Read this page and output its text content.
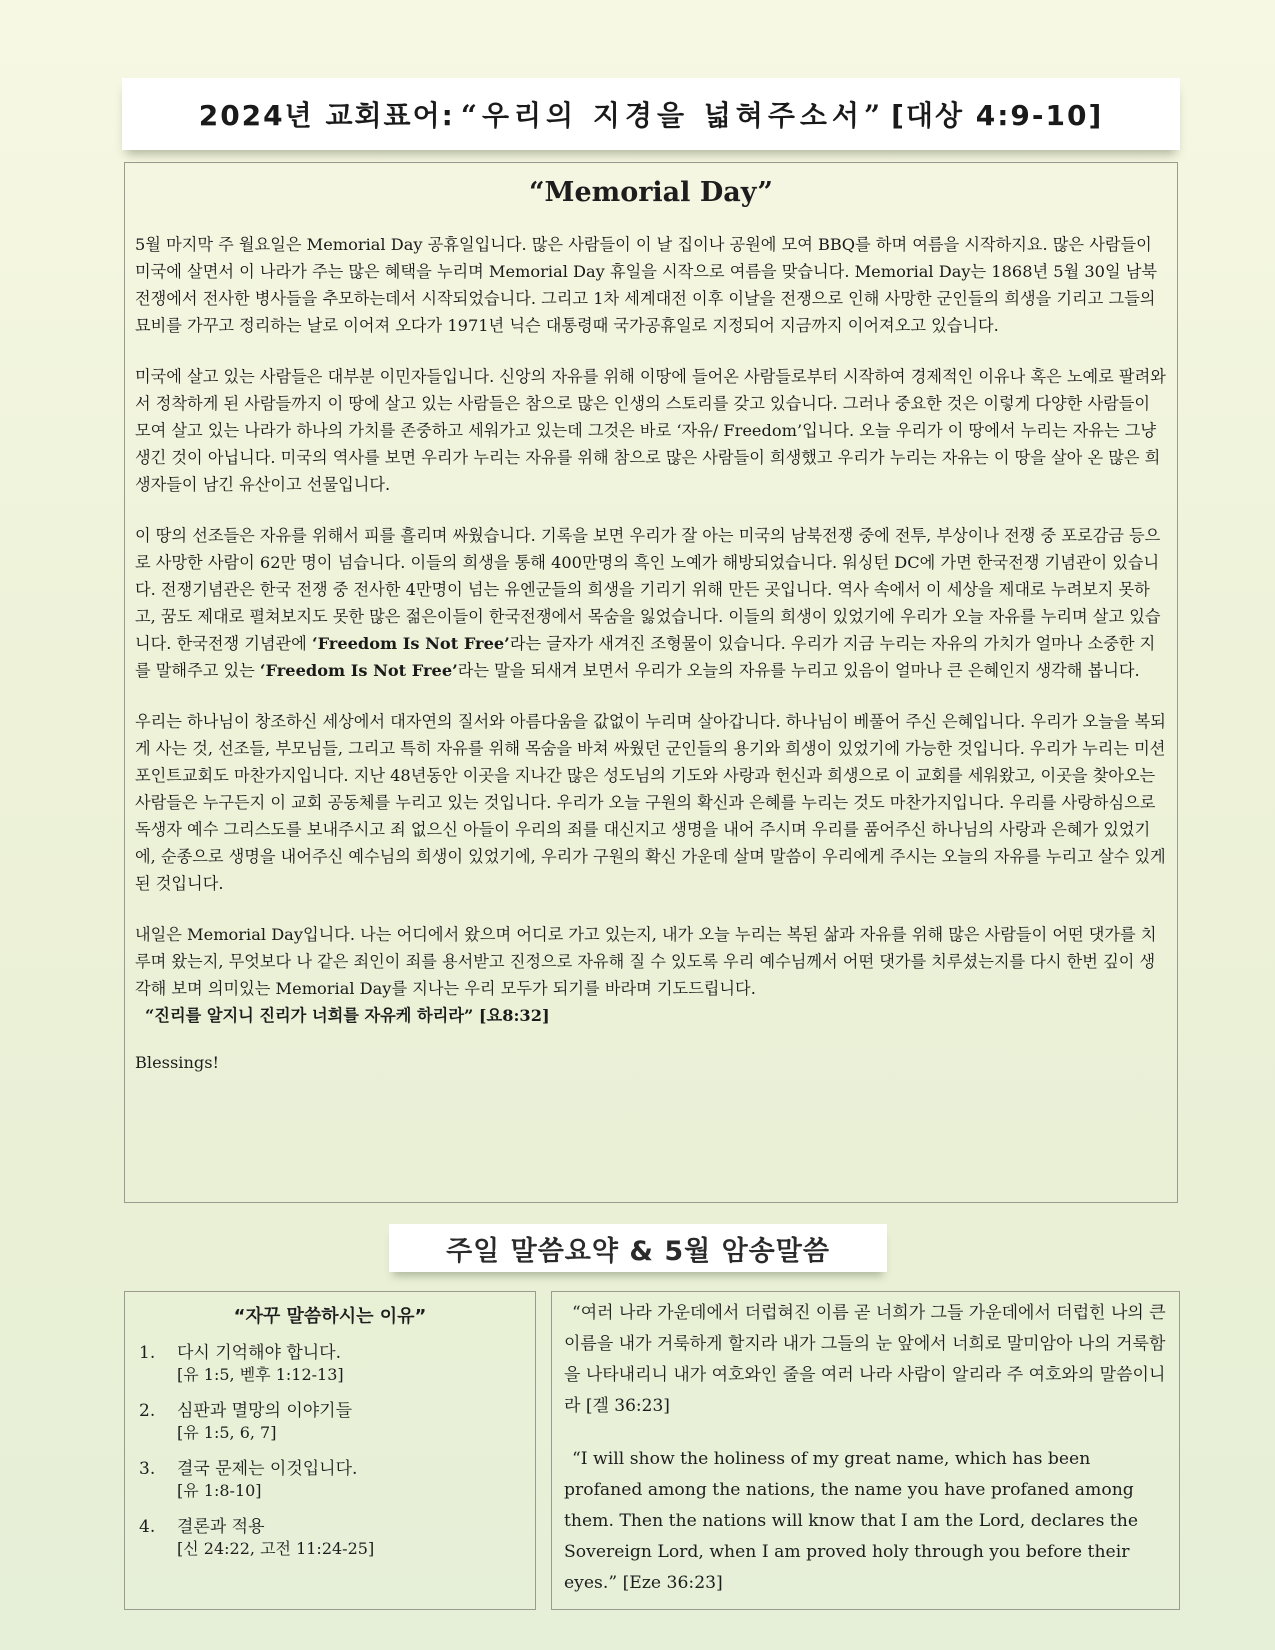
2024년 교회표어: “우리의 지경을 넓혀주소서” [대상 4:9-10]
“Memorial Day”

5월 마지막 주 월요일은 Memorial Day 공휴일입니다. 많은 사람들이 이 날 집이나 공원에 모여 BBQ를 하며 여름을 시작하지요. 많은 사람들이 미국에 살면서 이 나라가 주는 많은 혜택을 누리며 Memorial Day 휴일을 시작으로 여름을 맞습니다. Memorial Day는 1868년 5월 30일 남북전쟁에서 전사한 병사들을 추모하는데서 시작되었습니다. 그리고 1차 세계대전 이후 이날을 전쟁으로 인해 사망한 군인들의 희생을 기리고 그들의 묘비를 가꾸고 정리하는 날로 이어져 오다가 1971년 닉슨 대통령때 국가공휴일로 지정되어 지금까지 이어져오고 있습니다.

미국에 살고 있는 사람들은 대부분 이민자들입니다. 신앙의 자유를 위해 이땅에 들어온 사람들로부터 시작하여 경제적인 이유나 혹은 노예로 팔려와서 정착하게 된 사람들까지 이 땅에 살고 있는 사람들은 참으로 많은 인생의 스토리를 갖고 있습니다. 그러나 중요한 것은 이렇게 다양한 사람들이 모여 살고 있는 나라가 하나의 가치를 존중하고 세워가고 있는데 그것은 바로 ‘자유/ Freedom’입니다. 오늘 우리가 이 땅에서 누리는 자유는 그냥 생긴 것이 아닙니다. 미국의 역사를 보면 우리가 누리는 자유를 위해 참으로 많은 사람들이 희생했고 우리가 누리는 자유는 이 땅을 살아 온 많은 희생자들이 남긴 유산이고 선물입니다.

이 땅의 선조들은 자유를 위해서 피를 흘리며 싸웠습니다. 기록을 보면 우리가 잘 아는 미국의 남북전쟁 중에 전투, 부상이나 전쟁 중 포로감금 등으로 사망한 사람이 62만 명이 넘습니다. 이들의 희생을 통해 400만명의 흑인 노예가 해방되었습니다. 워싱턴 DC에 가면 한국전쟁 기념관이 있습니다. 전쟁기념관은 한국 전쟁 중 전사한 4만명이 넘는 유엔군들의 희생을 기리기 위해 만든 곳입니다. 역사 속에서 이 세상을 제대로 누려보지 못하고, 꿈도 제대로 펼쳐보지도 못한 많은 젊은이들이 한국전쟁에서 목숨을 잃었습니다. 이들의 희생이 있었기에 우리가 오늘 자유를 누리며 살고 있습니다. 한국전쟁 기념관에 ‘Freedom Is Not Free’라는 글자가 새겨진 조형물이 있습니다. 우리가 지금 누리는 자유의 가치가 얼마나 소중한 지를 말해주고 있는 ‘Freedom Is Not Free’라는 말을 되새겨 보면서 우리가 오늘의 자유를 누리고 있음이 얼마나 큰 은혜인지 생각해 봅니다.

우리는 하나님이 창조하신 세상에서 대자연의 질서와 아름다움을 값없이 누리며 살아갑니다. 하나님이 베풀어 주신 은혜입니다. 우리가 오늘을 복되게 사는 것, 선조들, 부모님들, 그리고 특히 자유를 위해 목숨을 바쳐 싸웠던 군인들의 용기와 희생이 있었기에 가능한 것입니다. 우리가 누리는 미션포인트교회도 마찬가지입니다. 지난 48년동안 이곳을 지나간 많은 성도님의 기도와 사랑과 헌신과 희생으로 이 교회를 세워왔고, 이곳을 찾아오는 사람들은 누구든지 이 교회 공동체를 누리고 있는 것입니다. 우리가 오늘 구원의 확신과 은혜를 누리는 것도 마찬가지입니다. 우리를 사랑하심으로 독생자 예수 그리스도를 보내주시고 죄 없으신 아들이 우리의 죄를 대신지고 생명을 내어 주시며 우리를 품어주신 하나님의 사랑과 은혜가 있었기에, 순종으로 생명을 내어주신 예수님의 희생이 있었기에, 우리가 구원의 확신 가운데 살며 말씀이 우리에게 주시는 오늘의 자유를 누리고 살수 있게 된 것입니다.

내일은 Memorial Day입니다. 나는 어디에서 왔으며 어디로 가고 있는지, 내가 오늘 누리는 복된 삶과 자유를 위해 많은 사람들이 어떤 댓가를 치루며 왔는지, 무엇보다 나 같은 죄인이 죄를 용서받고 진정으로 자유해 질 수 있도록 우리 예수님께서 어떤 댓가를 치루셨는지를 다시 한번 깊이 생각해 보며 의미있는 Memorial Day를 지나는 우리 모두가 되기를 바라며 기도드립니다.
“진리를 알지니 진리가 너희를 자유케 하리라” [요8:32]

Blessings!
주일 말씀요약 & 5월 암송말씀
“자꾸 말씀하시는 이유”
1.	다시 기억해야 합니다.
[유 1:5, 벧후 1:12-13]
2.	심판과 멸망의 이야기들
[유 1:5, 6, 7]
3.	결국 문제는 이것입니다.
[유 1:8-10]
4.	결론과 적용
[신 24:22, 고전 11:24-25]

“여러 나라 가운데에서 더럽혀진 이름 곧 너희가 그들 가운데에서 더럽힌 나의 큰 이름을 내가 거룩하게 할지라 내가 그들의 눈 앞에서 너희로 말미암아 나의 거룩함을 나타내리니 내가 여호와인 줄을 여러 나라 사람이 알리라 주 여호와의 말씀이니라 [겔 36:23]

“I will show the holiness of my great name, which has been profaned among the nations, the name you have profaned among them. Then the nations will know that I am the Lord, declares the Sovereign Lord, when I am proved holy through you before their eyes.” [Eze 36:23]
